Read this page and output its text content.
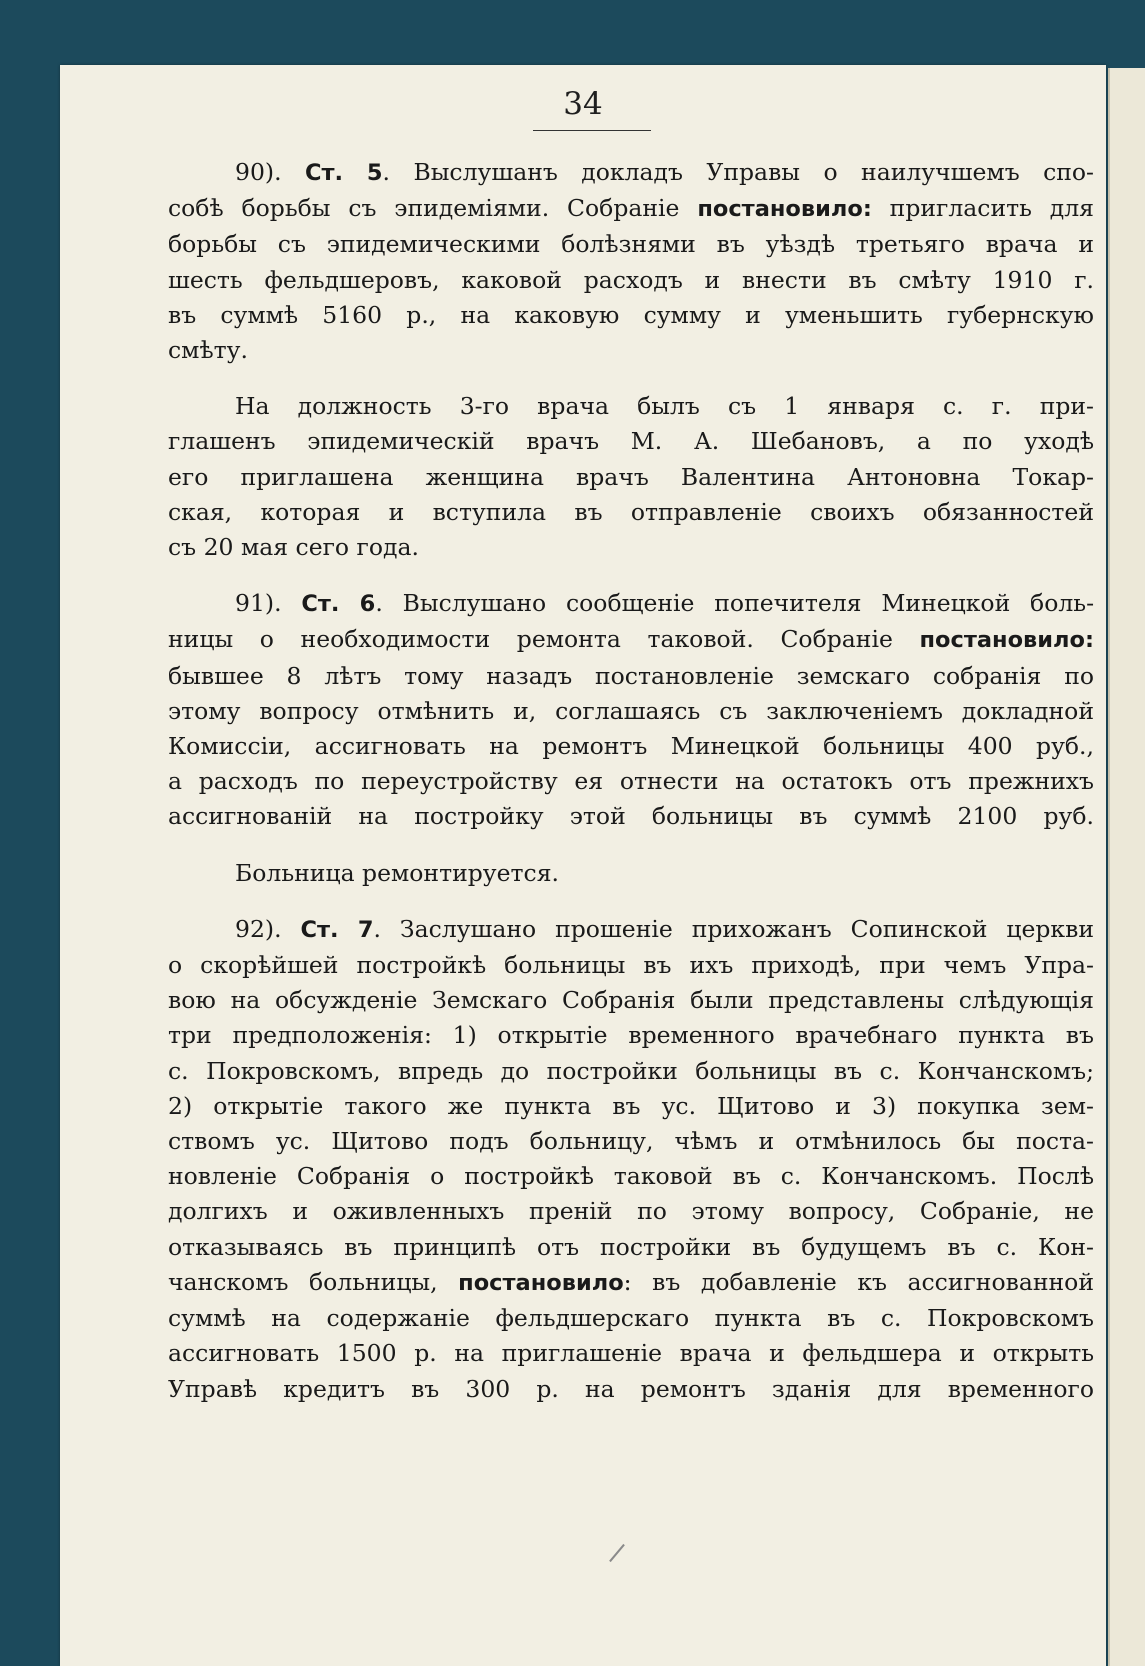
34

90). Ст. 5. Выслушанъ докладъ Управы о наилучшемъ спо-
собѣ борьбы съ эпидеміями. Собраніе постановило: пригласить для
борьбы съ эпидемическими болѣзнями въ уѣздѣ третьяго врача и
шесть фельдшеровъ, каковой расходъ и внести въ смѣту 1910 г.
въ суммѣ 5160 р., на каковую сумму и уменьшить губернскую
смѣту.

На должность 3-го врача былъ съ 1 января с. г. при-
глашенъ эпидемическій врачъ М. А. Шебановъ, а по уходѣ
его приглашена женщина врачъ Валентина Антоновна Токар-
ская, которая и вступила въ отправленіе своихъ обязанностей
съ 20 мая сего года.

91). Ст. 6. Выслушано сообщеніе попечителя Минецкой боль-
ницы о необходимости ремонта таковой. Собраніе постановило:
бывшее 8 лѣтъ тому назадъ постановленіе земскаго собранія по
этому вопросу отмѣнить и, соглашаясь съ заключеніемъ докладной
Комиссіи, ассигновать на ремонтъ Минецкой больницы 400 руб.,
а расходъ по переустройству ея отнести на остатокъ отъ прежнихъ
ассигнованій на постройку этой больницы въ суммѣ 2100 руб.

Больница ремонтируется.

92). Ст. 7. Заслушано прошеніе прихожанъ Сопинской церкви
о скорѣйшей постройкѣ больницы въ ихъ приходѣ, при чемъ Упра-
вою на обсужденіе Земскаго Собранія были представлены слѣдующія
три предположенія: 1) открытіе временного врачебнаго пункта въ
с. Покровскомъ, впредь до постройки больницы въ с. Кончанскомъ;
2) открытіе такого же пункта въ ус. Щитово и 3) покупка зем-
ствомъ ус. Щитово подъ больницу, чѣмъ и отмѣнилось бы поста-
новленіе Собранія о постройкѣ таковой въ с. Кончанскомъ. Послѣ
долгихъ и оживленныхъ преній по этому вопросу, Собраніе, не
отказываясь въ принципѣ отъ постройки въ будущемъ въ с. Кон-
чанскомъ больницы, постановило: въ добавленіе къ ассигнованной
суммѣ на содержаніе фельдшерскаго пункта въ с. Покровскомъ
ассигновать 1500 р. на приглашеніе врача и фельдшера и открыть
Управѣ кредитъ въ 300 р. на ремонтъ зданія для временного
